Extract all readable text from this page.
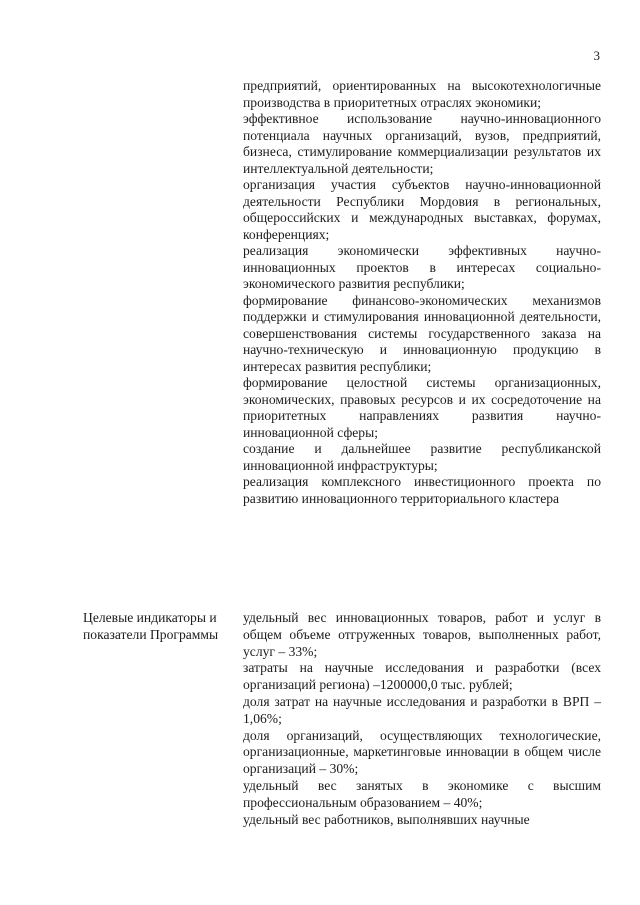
3

предприятий, ориентированных на высокотехнологичные производства в приоритетных отраслях экономики;

эффективное использование научно-инновационного потенциала научных организаций, вузов, предприятий, бизнеса, стимулирование коммерциализации результатов их интеллектуальной деятельности;

организация участия субъектов научно-инновационной деятельности Республики Мордовия в региональных, общероссийских и международных выставках, форумах, конференциях;

реализация экономически эффективных научно-инновационных проектов в интересах социально-экономического развития республики;

формирование финансово-экономических механизмов поддержки и стимулирования инновационной деятельности, совершенствования системы государственного заказа на научно-техническую и инновационную продукцию в интересах развития республики;

формирование целостной системы организационных, экономических, правовых ресурсов и их сосредоточение на приоритетных направлениях развития научно-инновационной сферы;

создание и дальнейшее развитие республиканской инновационной инфраструктуры;

реализация комплексного инвестиционного проекта по развитию инновационного территориального кластера

Целевые индикаторы и показатели Программы

удельный вес инновационных товаров, работ и услуг в общем объеме отгруженных товаров, выполненных работ, услуг – 33%;

затраты на научные исследования и разработки (всех организаций региона) –1200000,0 тыс. рублей;

доля затрат на научные исследования и разработки в ВРП – 1,06%;

доля организаций, осуществляющих технологические, организационные, маркетинговые инновации в общем числе организаций – 30%;

удельный вес занятых в экономике с высшим профессиональным образованием – 40%;

удельный вес работников, выполнявших научные
